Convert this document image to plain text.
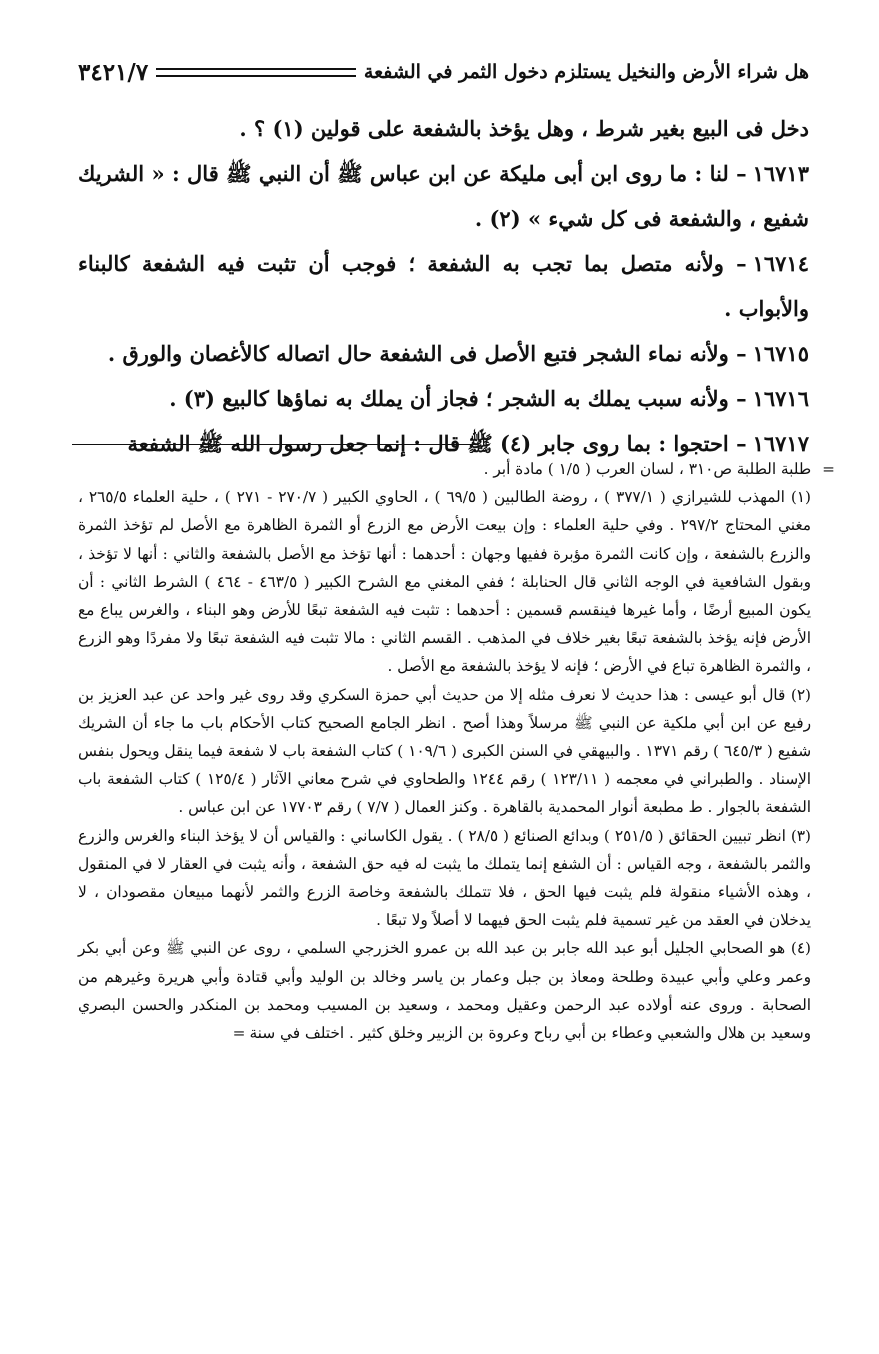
هل شراء الأرض والنخيل يستلزم دخول الثمر في الشفعة
٣٤٢١/٧

دخل فى البيع بغير شرط ، وهل يؤخذ بالشفعة على قولين (١) ؟ .

١٦٧١٣– لنا : ما روى ابن أبى مليكة عن ابن عباس ﷺ أن النبي ﷺ قال : « الشريك شفيع ، والشفعة فى كل شيء » (٢) .

١٦٧١٤– ولأنه متصل بما تجب به الشفعة ؛ فوجب أن تثبت فيه الشفعة كالبناء والأبواب .

١٦٧١٥– ولأنه نماء الشجر فتبع الأصل فى الشفعة حال اتصاله كالأغصان والورق .

١٦٧١٦– ولأنه سبب يملك به الشجر ؛ فجاز أن يملك به نماؤها كالبيع (٣) .

١٦٧١٧– احتجوا : بما روى جابر (٤) ﷺ قال : إنما جعل رسول الله ﷺ الشفعة

=
طلبة الطلبة ص٣١٠ ، لسان العرب ( ١/٥ ) مادة أبر .

(١) المهذب للشيرازي ( ٣٧٧/١ ) ، روضة الطالبين ( ٦٩/٥ ) ، الحاوي الكبير ( ٢٧٠/٧ - ٢٧١ ) ، حلية العلماء ٢٦٥/٥ ، مغني المحتاج ٢٩٧/٢ . وفي حلية العلماء : وإن بيعت الأرض مع الزرع أو الثمرة الظاهرة مع الأصل لم تؤخذ الثمرة والزرع بالشفعة ، وإن كانت الثمرة مؤبرة ففيها وجهان : أحدهما : أنها تؤخذ مع الأصل بالشفعة والثاني : أنها لا تؤخذ ، وبقول الشافعية في الوجه الثاني قال الحنابلة ؛ ففي المغني مع الشرح الكبير ( ٤٦٣/٥ - ٤٦٤ ) الشرط الثاني : أن يكون المبيع أرضًا ، وأما غيرها فينقسم قسمين : أحدهما : تثبت فيه الشفعة تبعًا للأرض وهو البناء ، والغرس يباع مع الأرض فإنه يؤخذ بالشفعة تبعًا بغير خلاف في المذهب . القسم الثاني : مالا تثبت فيه الشفعة تبعًا ولا مفردًا وهو الزرع ، والثمرة الظاهرة تباع في الأرض ؛ فإنه لا يؤخذ بالشفعة مع الأصل .

(٢) قال أبو عيسى : هذا حديث لا نعرف مثله إلا من حديث أبي حمزة السكري وقد روى غير واحد عن عبد العزيز بن رفيع عن ابن أبي ملكية عن النبي ﷺ مرسلاً وهذا أصح . انظر الجامع الصحيح كتاب الأحكام باب ما جاء أن الشريك شفيع ( ٦٤٥/٣ ) رقم ١٣٧١ . والبيهقي في السنن الكبرى ( ١٠٩/٦ ) كتاب الشفعة باب لا شفعة فيما ينقل ويحول بنفس الإسناد . والطبراني في معجمه ( ١٢٣/١١ ) رقم ١٢٤٤ والطحاوي في شرح معاني الآثار ( ١٢٥/٤ ) كتاب الشفعة باب الشفعة بالجوار . ط مطبعة أنوار المحمدية بالقاهرة . وكنز العمال ( ٧/٧ ) رقم ١٧٧٠٣ عن ابن عباس .

(٣) انظر تبيين الحقائق ( ٢٥١/٥ ) وبدائع الصنائع ( ٢٨/٥ ) . يقول الكاساني : والقياس أن لا يؤخذ البناء والغرس والزرع والثمر بالشفعة ، وجه القياس : أن الشفع إنما يتملك ما يثبت له فيه حق الشفعة ، وأنه يثبت في العقار لا في المنقول ، وهذه الأشياء منقولة فلم يثبت فيها الحق ، فلا تتملك بالشفعة وخاصة الزرع والثمر لأنهما مبيعان مقصودان ، لا يدخلان في العقد من غير تسمية فلم يثبت الحق فيهما لا أصلاً ولا تبعًا .

(٤) هو الصحابي الجليل أبو عبد الله جابر بن عبد الله بن عمرو الخزرجي السلمي ، روى عن النبي ﷺ وعن أبي بكر وعمر وعلي وأبي عبيدة وطلحة ومعاذ بن جبل وعمار بن ياسر وخالد بن الوليد وأبي قتادة وأبي هريرة وغيرهم من الصحابة . وروى عنه أولاده عبد الرحمن وعقيل ومحمد ، وسعيد بن المسيب ومحمد بن المنكدر والحسن البصري وسعيد بن هلال والشعبي وعطاء بن أبي رباح وعروة بن الزبير وخلق كثير . اختلف في سنة=
